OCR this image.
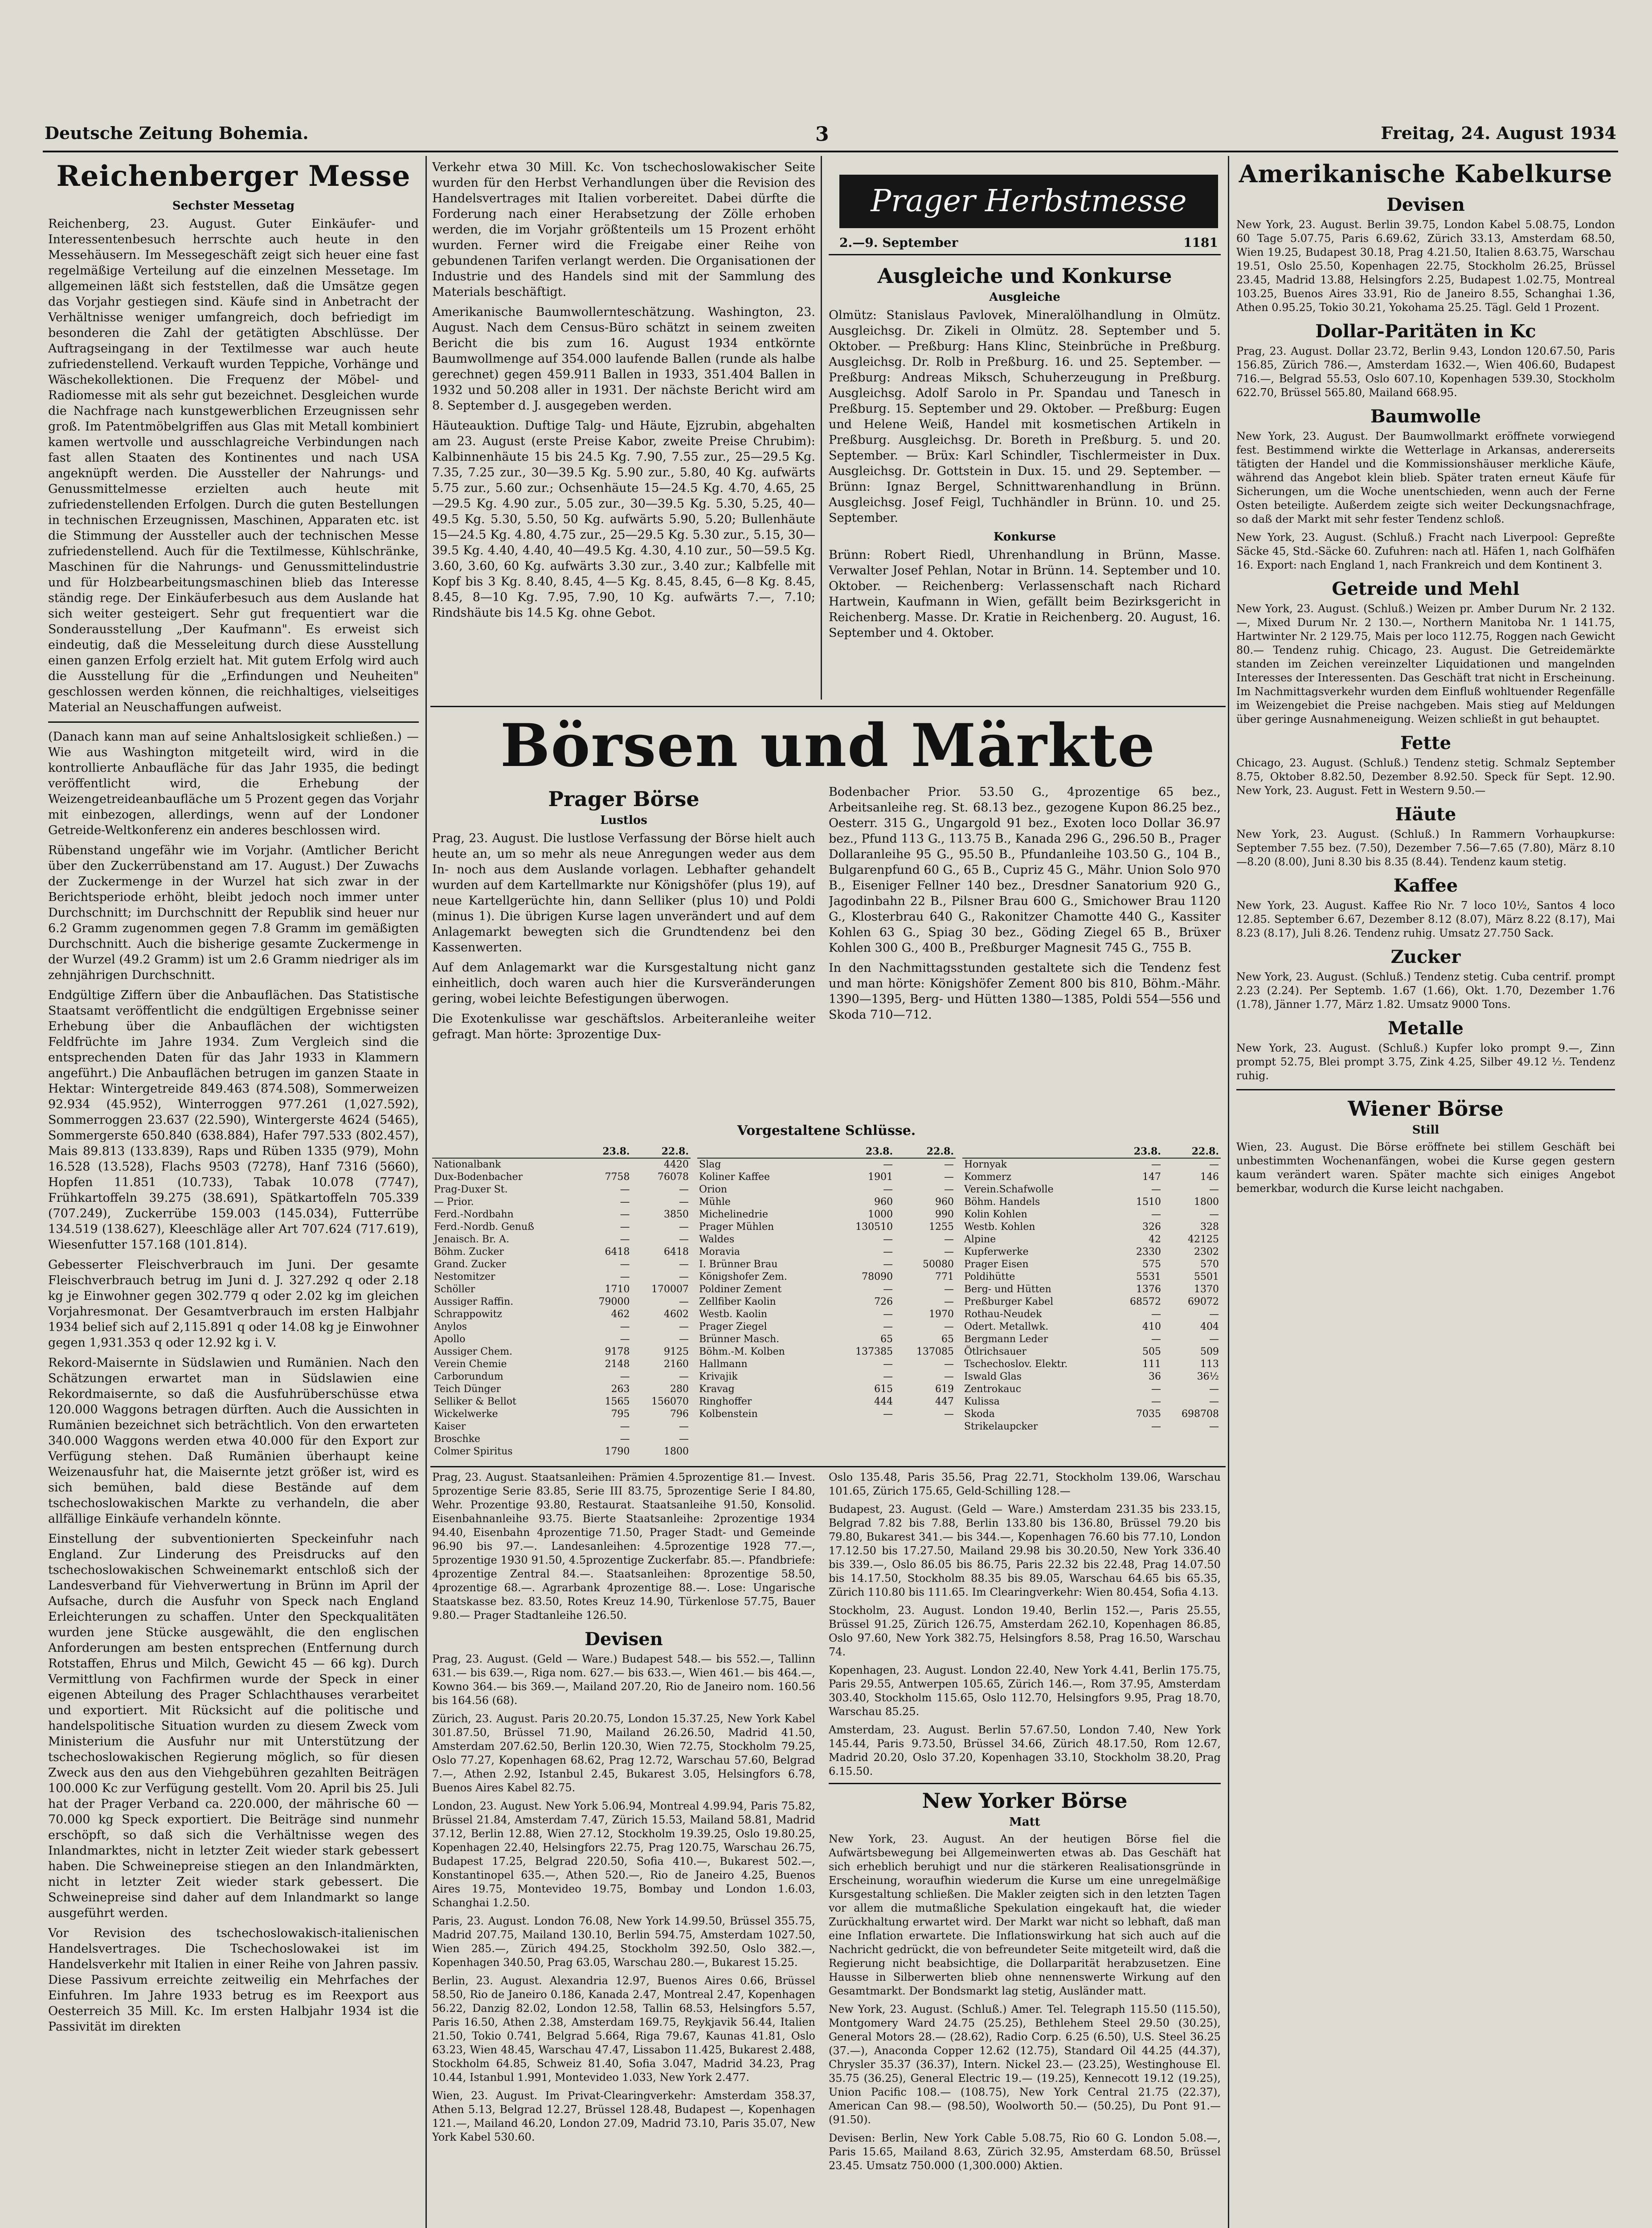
Deutsche Zeitung Bohemia.	3	Freitag, 24. August 1934
Reichenberger Messe
Sechster Messetag

Reichenberg, 23. August. Guter Einkäufer- und Interessentenbesuch herrschte auch heute in den Messehäusern. Im Messegeschäft zeigt sich heuer eine fast regelmäßige Verteilung auf die einzelnen Messetage. Im allgemeinen läßt sich feststellen, daß die Umsätze gegen das Vorjahr gestiegen sind. Käufe sind in Anbetracht der Verhältnisse weniger umfangreich, doch befriedigt im besonderen die Zahl der getätigten Abschlüsse. Der Auftragseingang in der Textilmesse war auch heute zufriedenstellend. Verkauft wurden Teppiche, Vorhänge und Wäschekollektionen. Die Frequenz der Möbel- und Radiomesse mit als sehr gut bezeichnet. Desgleichen wurde die Nachfrage nach kunstgewerblichen Erzeugnissen sehr groß. Im Patentmöbelgriffen aus Glas mit Metall kombiniert kamen wertvolle und ausschlagreiche Verbindungen nach fast allen Staaten des Kontinentes und nach USA angeknüpft werden. Die Aussteller der Nahrungs- und Genussmittelmesse erzielten auch heute mit zufriedenstellenden Erfolgen. Durch die guten Bestellungen in technischen Erzeugnissen, Maschinen, Apparaten etc. ist die Stimmung der Aussteller auch der technischen Messe zufriedenstellend. Auch für die Textilmesse, Kühlschränke, Maschinen für die Nahrungs- und Genussmittelindustrie und für Holzbearbeitungsmaschinen blieb das Interesse ständig rege. Der Einkäuferbesuch aus dem Auslande hat sich weiter gesteigert. Sehr gut frequentiert war die Sonderausstellung „Der Kaufmann". Es erweist sich eindeutig, daß die Messeleitung durch diese Ausstellung einen ganzen Erfolg erzielt hat. Mit gutem Erfolg wird auch die Ausstellung für die „Erfindungen und Neuheiten" geschlossen werden können, die reichhaltiges, vielseitiges Material an Neuschaffungen aufweist.

(Danach kann man auf seine Anhaltslosigkeit schließen.) — Wie aus Washington mitgeteilt wird, wird in die kontrollierte Anbaufläche für das Jahr 1935, die bedingt veröffentlicht wird, die Erhebung der Weizengetreideanbaufläche um 5 Prozent gegen das Vorjahr mit einbezogen, allerdings, wenn auf der Londoner Getreide-Weltkonferenz ein anderes beschlossen wird.

Rübenstand ungefähr wie im Vorjahr. (Amtlicher Bericht über den Zuckerrübenstand am 17. August.) Der Zuwachs der Zuckermenge in der Wurzel hat sich zwar in der Berichtsperiode erhöht, bleibt jedoch noch immer unter Durchschnitt; im Durchschnitt der Republik sind heuer nur 6.2 Gramm zugenommen gegen 7.8 Gramm im gemäßigten Durchschnitt. Auch die bisherige gesamte Zuckermenge in der Wurzel (49.2 Gramm) ist um 2.6 Gramm niedriger als im zehnjährigen Durchschnitt.

Endgültige Ziffern über die Anbauflächen. Das Statistische Staatsamt veröffentlicht die endgültigen Ergebnisse seiner Erhebung über die Anbauflächen der wichtigsten Feldfrüchte im Jahre 1934. Zum Vergleich sind die entsprechenden Daten für das Jahr 1933 in Klammern angeführt.) Die Anbauflächen betrugen im ganzen Staate in Hektar: Wintergetreide 849.463 (874.508), Sommerweizen 92.934 (45.952), Winterroggen 977.261 (1,027.592), Sommerroggen 23.637 (22.590), Wintergerste 4624 (5465), Sommergerste 650.840 (638.884), Hafer 797.533 (802.457), Mais 89.813 (133.839), Raps und Rüben 1335 (979), Mohn 16.528 (13.528), Flachs 9503 (7278), Hanf 7316 (5660), Hopfen 11.851 (10.733), Tabak 10.078 (7747), Frühkartoffeln 39.275 (38.691), Spätkartoffeln 705.339 (707.249), Zuckerrübe 159.003 (145.034), Futterrübe 134.519 (138.627), Kleeschläge aller Art 707.624 (717.619), Wiesenfutter 157.168 (101.814).

Gebesserter Fleischverbrauch im Juni. Der gesamte Fleischverbrauch betrug im Juni d. J. 327.292 q oder 2.18 kg je Einwohner gegen 302.779 q oder 2.02 kg im gleichen Vorjahresmonat. Der Gesamtverbrauch im ersten Halbjahr 1934 belief sich auf 2,115.891 q oder 14.08 kg je Einwohner gegen 1,931.353 q oder 12.92 kg i. V.

Rekord-Maisernte in Südslawien und Rumänien. Nach den Schätzungen erwartet man in Südslawien eine Rekordmaisernte, so daß die Ausfuhrüberschüsse etwa 120.000 Waggons betragen dürften. Auch die Aussichten in Rumänien bezeichnet sich beträchtlich. Von den erwarteten 340.000 Waggons werden etwa 40.000 für den Export zur Verfügung stehen. Daß Rumänien überhaupt keine Weizenausfuhr hat, die Maisernte jetzt größer ist, wird es sich bemühen, bald diese Bestände auf dem tschechoslowakischen Markte zu verhandeln, die aber allfällige Einkäufe verhandeln könnte.

Einstellung der subventionierten Speckeinfuhr nach England. Zur Linderung des Preisdrucks auf den tschechoslowakischen Schweinemarkt entschloß sich der Landesverband für Viehverwertung in Brünn im April der Aufsache, durch die Ausfuhr von Speck nach England Erleichterungen zu schaffen. Unter den Speckqualitäten wurden jene Stücke ausgewählt, die den englischen Anforderungen am besten entsprechen (Entfernung durch Rotstaffen, Ehrus und Milch, Gewicht 45 — 66 kg). Durch Vermittlung von Fachfirmen wurde der Speck in einer eigenen Abteilung des Prager Schlachthauses verarbeitet und exportiert. Mit Rücksicht auf die politische und handelspolitische Situation wurden zu diesem Zweck vom Ministerium die Ausfuhr nur mit Unterstützung der tschechoslowakischen Regierung möglich, so für diesen Zweck aus den aus den Viehgebühren gezahlten Beiträgen 100.000 Kc zur Verfügung gestellt. Vom 20. April bis 25. Juli hat der Prager Verband ca. 220.000, der mährische 60 — 70.000 kg Speck exportiert. Die Beiträge sind nunmehr erschöpft, so daß sich die Verhältnisse wegen des Inlandmarktes, nicht in letzter Zeit wieder stark gebessert haben. Die Schweinepreise stiegen an den Inlandmärkten, nicht in letzter Zeit wieder stark gebessert. Die Schweinepreise sind daher auf dem Inlandmarkt so lange ausgeführt werden.

Vor Revision des tschechoslowakisch-italienischen Handelsvertrages. Die Tschechoslowakei ist im Handelsverkehr mit Italien in einer Reihe von Jahren passiv. Diese Passivum erreichte zeitweilig ein Mehrfaches der Einfuhren. Im Jahre 1933 betrug es im Reexport aus Oesterreich 35 Mill. Kc. Im ersten Halbjahr 1934 ist die Passivität im direkten

Verkehr etwa 30 Mill. Kc. Von tschechoslowakischer Seite wurden für den Herbst Verhandlungen über die Revision des Handelsvertrages mit Italien vorbereitet. Dabei dürfte die Forderung nach einer Herabsetzung der Zölle erhoben werden, die im Vorjahr größtenteils um 15 Prozent erhöht wurden. Ferner wird die Freigabe einer Reihe von gebundenen Tarifen verlangt werden. Die Organisationen der Industrie und des Handels sind mit der Sammlung des Materials beschäftigt.

Amerikanische Baumwollernteschätzung. Washington, 23. August. Nach dem Census-Büro schätzt in seinem zweiten Bericht die bis zum 16. August 1934 entkörnte Baumwollmenge auf 354.000 laufende Ballen (runde als halbe gerechnet) gegen 459.911 Ballen in 1933, 351.404 Ballen in 1932 und 50.208 aller in 1931. Der nächste Bericht wird am 8. September d. J. ausgegeben werden.

Häuteauktion. Duftige Talg- und Häute, Ejzrubin, abgehalten am 23. August (erste Preise Kabor, zweite Preise Chrubim): Kalbinnenhäute 15 bis 24.5 Kg. 7.90, 7.55 zur., 25—29.5 Kg. 7.35, 7.25 zur., 30—39.5 Kg. 5.90 zur., 5.80, 40 Kg. aufwärts 5.75 zur., 5.60 zur.; Ochsenhäute 15—24.5 Kg. 4.70, 4.65, 25—29.5 Kg. 4.90 zur., 5.05 zur., 30—39.5 Kg. 5.30, 5.25, 40—49.5 Kg. 5.30, 5.50, 50 Kg. aufwärts 5.90, 5.20; Bullenhäute 15—24.5 Kg. 4.80, 4.75 zur., 25—29.5 Kg. 5.30 zur., 5.15, 30—39.5 Kg. 4.40, 4.40, 40—49.5 Kg. 4.30, 4.10 zur., 50—59.5 Kg. 3.60, 3.60, 60 Kg. aufwärts 3.30 zur., 3.40 zur.; Kalbfelle mit Kopf bis 3 Kg. 8.40, 8.45, 4—5 Kg. 8.45, 8.45, 6—8 Kg. 8.45, 8.45, 8—10 Kg. 7.95, 7.90, 10 Kg. aufwärts 7.—, 7.10; Rindshäute bis 14.5 Kg. ohne Gebot.

Prager Herbstmesse
2.—9. September	1181
Ausgleiche und Konkurse
Ausgleiche

Olmütz: Stanislaus Pavlovek, Mineralölhandlung in Olmütz. Ausgleichsg. Dr. Zikeli in Olmütz. 28. September und 5. Oktober. — Preßburg: Hans Klinc, Steinbrüche in Preßburg. Ausgleichsg. Dr. Rolb in Preßburg. 16. und 25. September. — Preßburg: Andreas Miksch, Schuherzeugung in Preßburg. Ausgleichsg. Adolf Sarolo in Pr. Spandau und Tanesch in Preßburg. 15. September und 29. Oktober. — Preßburg: Eugen und Helene Weiß, Handel mit kosmetischen Artikeln in Preßburg. Ausgleichsg. Dr. Boreth in Preßburg. 5. und 20. September. — Brüx: Karl Schindler, Tischlermeister in Dux. Ausgleichsg. Dr. Gottstein in Dux. 15. und 29. September. — Brünn: Ignaz Bergel, Schnittwarenhandlung in Brünn. Ausgleichsg. Josef Feigl, Tuchhändler in Brünn. 10. und 25. September.

Konkurse

Brünn: Robert Riedl, Uhrenhandlung in Brünn, Masse. Verwalter Josef Pehlan, Notar in Brünn. 14. September und 10. Oktober. — Reichenberg: Verlassenschaft nach Richard Hartwein, Kaufmann in Wien, gefällt beim Bezirksgericht in Reichenberg. Masse. Dr. Kratie in Reichenberg. 20. August, 16. September und 4. Oktober.

Börsen und Märkte
Prager Börse
Lustlos

Prag, 23. August. Die lustlose Verfassung der Börse hielt auch heute an, um so mehr als neue Anregungen weder aus dem In- noch aus dem Auslande vorlagen. Lebhafter gehandelt wurden auf dem Kartellmarkte nur Königshöfer (plus 19), auf neue Kartellgerüchte hin, dann Selliker (plus 10) und Poldi (minus 1). Die übrigen Kurse lagen unverändert und auf dem Anlagemarkt bewegten sich die Grundtendenz bei den Kassenwerten.

Auf dem Anlagemarkt war die Kursgestaltung nicht ganz einheitlich, doch waren auch hier die Kursveränderungen gering, wobei leichte Befestigungen überwogen.

Die Exotenkulisse war geschäftslos. Arbeiteranleihe weiter gefragt. Man hörte: 3prozentige Dux-

Bodenbacher Prior. 53.50 G., 4prozentige 65 bez., Arbeitsanleihe reg. St. 68.13 bez., gezogene Kupon 86.25 bez., Oesterr. 315 G., Ungargold 91 bez., Exoten loco Dollar 36.97 bez., Pfund 113 G., 113.75 B., Kanada 296 G., 296.50 B., Prager Dollaranleihe 95 G., 95.50 B., Pfundanleihe 103.50 G., 104 B., Bulgarenpfund 60 G., 65 B., Cupriz 45 G., Mähr. Union Solo 970 B., Eiseniger Fellner 140 bez., Dresdner Sanatorium 920 G., Jagodinbahn 22 B., Pilsner Brau 600 G., Smichower Brau 1120 G., Klosterbrau 640 G., Rakonitzer Chamotte 440 G., Kassiter Kohlen 63 G., Spiag 30 bez., Göding Ziegel 65 B., Brüxer Kohlen 300 G., 400 B., Preßburger Magnesit 745 G., 755 B.

In den Nachmittagsstunden gestaltete sich die Tendenz fest und man hörte: Königshöfer Zement 800 bis 810, Böhm.-Mähr. 1390—1395, Berg- und Hütten 1380—1385, Poldi 554—556 und Skoda 710—712.

Vorgestaltene Schlüsse.
	23.8.	22.8.
Nationalbank		4420
Dux-Bodenbacher	7758	76078
Prag-Duxer St.	—	—
— Prior.	—	—
Ferd.-Nordbahn	—	3850
Ferd.-Nordb. Genuß	—	—
Jenaisch. Br. A.	—	—
Böhm. Zucker	6418	6418
Grand. Zucker	—	—
Nestomitzer	—	—
Schöller	1710	170007
Aussiger Raffin.	79000	—
Schrappowitz	462	4602
Anylos	—	—
Apollo	—	—
Aussiger Chem.	9178	9125
Verein Chemie	2148	2160
Carborundum	—	—
Teich Dünger	263	280
Selliker & Bellot	1565	156070
Wickelwerke	795	796
Kaiser	—	—
Broschke	—	—
Colmer Spiritus	1790	1800
	23.8.	22.8.
Slag	—	—
Koliner Kaffee	1901	—
Orion	—	—
Mühle	960	960
Michelinedrie	1000	990
Prager Mühlen	130510	1255
Waldes	—	—
Moravia	—	—
I. Brünner Brau	—	50080
Königshofer Zem.	78090	771
Poldiner Zement	—	—
Zellfiber Kaolin	726	—
Westb. Kaolin	—	1970
Prager Ziegel	—	—
Brünner Masch.	65	65
Böhm.-M. Kolben	137385	137085
Hallmann	—	—
Krivajik	—	—
Kravag	615	619
Ringhoffer	444	447
Kolbenstein	—	—
	23.8.	22.8.
Hornyak	—	—
Kommerz	147	146
Verein.Schafwolle	—	—
Böhm. Handels	1510	1800
Kolin Kohlen	—	—
Westb. Kohlen	326	328
Alpine	42	42125
Kupferwerke	2330	2302
Prager Eisen	575	570
Poldihütte	5531	5501
Berg- und Hütten	1376	1370
Preßburger Kabel	68572	69072
Rothau-Neudek	—	—
Odert. Metallwk.	410	404
Bergmann Leder	—	—
Ötlrichsauer	505	509
Tschechoslov. Elektr.	111	113
Iswald Glas	36	36½
Zentrokauc	—	—
Kulissa	—	—
Skoda	7035	698708
Strikelaupcker	—	—

Prag, 23. August. Staatsanleihen: Prämien 4.5prozentige 81.— Invest. 5prozentige Serie 83.85, Serie III 83.75, 5prozentige Serie I 84.80, Wehr. Prozentige 93.80, Restaurat. Staatsanleihe 91.50, Konsolid. Eisenbahnanleihe 93.75. Bierte Staatsanleihe: 2prozentige 1934 94.40, Eisenbahn 4prozentige 71.50, Prager Stadt- und Gemeinde 96.90 bis 97.—. Landesanleihen: 4.5prozentige 1928 77.—, 5prozentige 1930 91.50, 4.5prozentige Zuckerfabr. 85.—. Pfandbriefe: 4prozentige Zentral 84.—. Staatsanleihen: 8prozentige 58.50, 4prozentige 68.—. Agrarbank 4prozentige 88.—. Lose: Ungarische Staatskasse bez. 83.50, Rotes Kreuz 14.90, Türkenlose 57.75, Bauer 9.80.— Prager Stadtanleihe 126.50.

Devisen

Prag, 23. August. (Geld — Ware.) Budapest 548.— bis 552.—, Tallinn 631.— bis 639.—, Riga nom. 627.— bis 633.—, Wien 461.— bis 464.—, Kowno 364.— bis 369.—, Mailand 207.20, Rio de Janeiro nom. 160.56 bis 164.56 (68).

Zürich, 23. August. Paris 20.20.75, London 15.37.25, New York Kabel 301.87.50, Brüssel 71.90, Mailand 26.26.50, Madrid 41.50, Amsterdam 207.62.50, Berlin 120.30, Wien 72.75, Stockholm 79.25, Oslo 77.27, Kopenhagen 68.62, Prag 12.72, Warschau 57.60, Belgrad 7.—, Athen 2.92, Istanbul 2.45, Bukarest 3.05, Helsingfors 6.78, Buenos Aires Kabel 82.75.

London, 23. August. New York 5.06.94, Montreal 4.99.94, Paris 75.82, Brüssel 21.84, Amsterdam 7.47, Zürich 15.53, Mailand 58.81, Madrid 37.12, Berlin 12.88, Wien 27.12, Stockholm 19.39.25, Oslo 19.80.25, Kopenhagen 22.40, Helsingfors 22.75, Prag 120.75, Warschau 26.75, Budapest 17.25, Belgrad 220.50, Sofia 410.—, Bukarest 502.—, Konstantinopel 635.—, Athen 520.—, Rio de Janeiro 4.25, Buenos Aires 19.75, Montevideo 19.75, Bombay und London 1.6.03, Schanghai 1.2.50.

Paris, 23. August. London 76.08, New York 14.99.50, Brüssel 355.75, Madrid 207.75, Mailand 130.10, Berlin 594.75, Amsterdam 1027.50, Wien 285.—, Zürich 494.25, Stockholm 392.50, Oslo 382.—, Kopenhagen 340.50, Prag 63.05, Warschau 280.—, Bukarest 15.25.

Berlin, 23. August. Alexandria 12.97, Buenos Aires 0.66, Brüssel 58.50, Rio de Janeiro 0.186, Kanada 2.47, Montreal 2.47, Kopenhagen 56.22, Danzig 82.02, London 12.58, Tallin 68.53, Helsingfors 5.57, Paris 16.50, Athen 2.38, Amsterdam 169.75, Reykjavik 56.44, Italien 21.50, Tokio 0.741, Belgrad 5.664, Riga 79.67, Kaunas 41.81, Oslo 63.23, Wien 48.45, Warschau 47.47, Lissabon 11.425, Bukarest 2.488, Stockholm 64.85, Schweiz 81.40, Sofia 3.047, Madrid 34.23, Prag 10.44, Istanbul 1.991, Montevideo 1.033, New York 2.477.

Wien, 23. August. Im Privat-Clearingverkehr: Amsterdam 358.37, Athen 5.13, Belgrad 12.27, Brüssel 128.48, Budapest —, Kopenhagen 121.—, Mailand 46.20, London 27.09, Madrid 73.10, Paris 35.07, New York Kabel 530.60.

Oslo 135.48, Paris 35.56, Prag 22.71, Stockholm 139.06, Warschau 101.65, Zürich 175.65, Geld-Schilling 128.—

Budapest, 23. August. (Geld — Ware.) Amsterdam 231.35 bis 233.15, Belgrad 7.82 bis 7.88, Berlin 133.80 bis 136.80, Brüssel 79.20 bis 79.80, Bukarest 341.— bis 344.—, Kopenhagen 76.60 bis 77.10, London 17.12.50 bis 17.27.50, Mailand 29.98 bis 30.20.50, New York 336.40 bis 339.—, Oslo 86.05 bis 86.75, Paris 22.32 bis 22.48, Prag 14.07.50 bis 14.17.50, Stockholm 88.35 bis 89.05, Warschau 64.65 bis 65.35, Zürich 110.80 bis 111.65. Im Clearingverkehr: Wien 80.454, Sofia 4.13.

Stockholm, 23. August. London 19.40, Berlin 152.—, Paris 25.55, Brüssel 91.25, Zürich 126.75, Amsterdam 262.10, Kopenhagen 86.85, Oslo 97.60, New York 382.75, Helsingfors 8.58, Prag 16.50, Warschau 74.

Kopenhagen, 23. August. London 22.40, New York 4.41, Berlin 175.75, Paris 29.55, Antwerpen 105.65, Zürich 146.—, Rom 37.95, Amsterdam 303.40, Stockholm 115.65, Oslo 112.70, Helsingfors 9.95, Prag 18.70, Warschau 85.25.

Amsterdam, 23. August. Berlin 57.67.50, London 7.40, New York 145.44, Paris 9.73.50, Brüssel 34.66, Zürich 48.17.50, Rom 12.67, Madrid 20.20, Oslo 37.20, Kopenhagen 33.10, Stockholm 38.20, Prag 6.15.50.

New Yorker Börse
Matt

New York, 23. August. An der heutigen Börse fiel die Aufwärtsbewegung bei Allgemeinwerten etwas ab. Das Geschäft hat sich erheblich beruhigt und nur die stärkeren Realisationsgründe in Erscheinung, woraufhin wiederum die Kurse um eine unregelmäßige Kursgestaltung schließen. Die Makler zeigten sich in den letzten Tagen vor allem die mutmaßliche Spekulation eingekauft hat, die wieder Zurückhaltung erwartet wird. Der Markt war nicht so lebhaft, daß man eine Inflation erwartete. Die Inflationswirkung hat sich auch auf die Nachricht gedrückt, die von befreundeter Seite mitgeteilt wird, daß die Regierung nicht beabsichtige, die Dollarparität herabzusetzen. Eine Hausse in Silberwerten blieb ohne nennenswerte Wirkung auf den Gesamtmarkt. Der Bondsmarkt lag stetig, Ausländer matt.

New York, 23. August. (Schluß.) Amer. Tel. Telegraph 115.50 (115.50), Montgomery Ward 24.75 (25.25), Bethlehem Steel 29.50 (30.25), General Motors 28.— (28.62), Radio Corp. 6.25 (6.50), U.S. Steel 36.25 (37.—), Anaconda Copper 12.62 (12.75), Standard Oil 44.25 (44.37), Chrysler 35.37 (36.37), Intern. Nickel 23.— (23.25), Westinghouse El. 35.75 (36.25), General Electric 19.— (19.25), Kennecott 19.12 (19.25), Union Pacific 108.— (108.75), New York Central 21.75 (22.37), American Can 98.— (98.50), Woolworth 50.— (50.25), Du Pont 91.— (91.50).

Devisen: Berlin, New York Cable 5.08.75, Rio 60 G. London 5.08.—, Paris 15.65, Mailand 8.63, Zürich 32.95, Amsterdam 68.50, Brüssel 23.45. Umsatz 750.000 (1,300.000) Aktien.

Amerikanische Kabelkurse
Devisen

New York, 23. August. Berlin 39.75, London Kabel 5.08.75, London 60 Tage 5.07.75, Paris 6.69.62, Zürich 33.13, Amsterdam 68.50, Wien 19.25, Budapest 30.18, Prag 4.21.50, Italien 8.63.75, Warschau 19.51, Oslo 25.50, Kopenhagen 22.75, Stockholm 26.25, Brüssel 23.45, Madrid 13.88, Helsingfors 2.25, Budapest 1.02.75, Montreal 103.25, Buenos Aires 33.91, Rio de Janeiro 8.55, Schanghai 1.36, Athen 0.95.25, Tokio 30.21, Yokohama 25.25. Tägl. Geld 1 Prozent.

Dollar-Paritäten in Kc

Prag, 23. August. Dollar 23.72, Berlin 9.43, London 120.67.50, Paris 156.85, Zürich 786.—, Amsterdam 1632.—, Wien 406.60, Budapest 716.—, Belgrad 55.53, Oslo 607.10, Kopenhagen 539.30, Stockholm 622.70, Brüssel 565.80, Mailand 668.95.

Baumwolle

New York, 23. August. Der Baumwollmarkt eröffnete vorwiegend fest. Bestimmend wirkte die Wetterlage in Arkansas, andererseits tätigten der Handel und die Kommissionshäuser merkliche Käufe, während das Angebot klein blieb. Später traten erneut Käufe für Sicherungen, um die Woche unentschieden, wenn auch der Ferne Osten beteiligte. Außerdem zeigte sich weiter Deckungsnachfrage, so daß der Markt mit sehr fester Tendenz schloß.

New York, 23. August. (Schluß.) Fracht nach Liverpool: Gepreßte Säcke 45, Std.-Säcke 60. Zufuhren: nach atl. Häfen 1, nach Golfhäfen 16. Export: nach England 1, nach Frankreich und dem Kontinent 3.

Getreide und Mehl

New York, 23. August. (Schluß.) Weizen pr. Amber Durum Nr. 2 132.—, Mixed Durum Nr. 2 130.—, Northern Manitoba Nr. 1 141.75, Hartwinter Nr. 2 129.75, Mais per loco 112.75, Roggen nach Gewicht 80.— Tendenz ruhig. Chicago, 23. August. Die Getreidemärkte standen im Zeichen vereinzelter Liquidationen und mangelnden Interesses der Interessenten. Das Geschäft trat nicht in Erscheinung. Im Nachmittagsverkehr wurden dem Einfluß wohltuender Regenfälle im Weizengebiet die Preise nachgeben. Mais stieg auf Meldungen über geringe Ausnahmeneigung. Weizen schließt in gut behauptet.

Fette

Chicago, 23. August. (Schluß.) Tendenz stetig. Schmalz September 8.75, Oktober 8.82.50, Dezember 8.92.50. Speck für Sept. 12.90. New York, 23. August. Fett in Western 9.50.—

Häute

New York, 23. August. (Schluß.) In Rammern Vorhaupkurse: September 7.55 bez. (7.50), Dezember 7.56—7.65 (7.80), März 8.10—8.20 (8.00), Juni 8.30 bis 8.35 (8.44). Tendenz kaum stetig.

Kaffee

New York, 23. August. Kaffee Rio Nr. 7 loco 10½, Santos 4 loco 12.85. September 6.67, Dezember 8.12 (8.07), März 8.22 (8.17), Mai 8.23 (8.17), Juli 8.26. Tendenz ruhig. Umsatz 27.750 Sack.

Zucker

New York, 23. August. (Schluß.) Tendenz stetig. Cuba centrif. prompt 2.23 (2.24). Per Septemb. 1.67 (1.66), Okt. 1.70, Dezember 1.76 (1.78), Jänner 1.77, März 1.82. Umsatz 9000 Tons.

Metalle

New York, 23. August. (Schluß.) Kupfer loko prompt 9.—, Zinn prompt 52.75, Blei prompt 3.75, Zink 4.25, Silber 49.12 ½. Tendenz ruhig.

Wiener Börse
Still

Wien, 23. August. Die Börse eröffnete bei stillem Geschäft bei unbestimmten Wochenanfängen, wobei die Kurse gegen gestern kaum verändert waren. Später machte sich einiges Angebot bemerkbar, wodurch die Kurse leicht nachgaben.
